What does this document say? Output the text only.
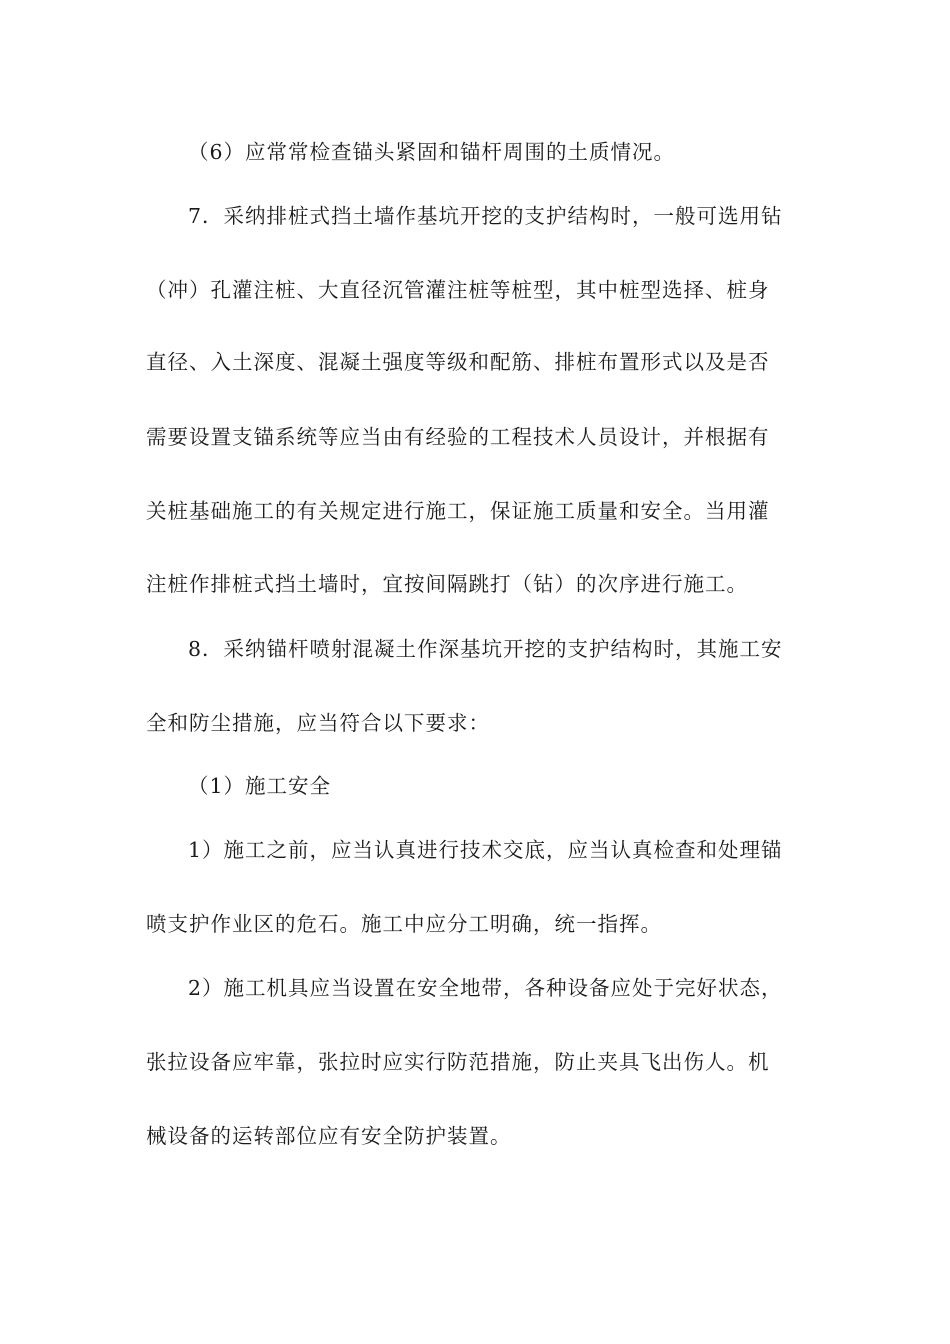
（6）应常常检查锚头紧固和锚杆周围的土质情况。
7．采纳排桩式挡土墙作基坑开挖的支护结构时，一般可选用钻
（冲）孔灌注桩、大直径沉管灌注桩等桩型，其中桩型选择、桩身
直径、入土深度、混凝土强度等级和配筋、排桩布置形式以及是否
需要设置支锚系统等应当由有经验的工程技术人员设计，并根据有
关桩基础施工的有关规定进行施工，保证施工质量和安全。当用灌
注桩作排桩式挡土墙时，宜按间隔跳打（钻）的次序进行施工。
8．采纳锚杆喷射混凝土作深基坑开挖的支护结构时，其施工安
全和防尘措施，应当符合以下要求：
（1）施工安全
1）施工之前，应当认真进行技术交底，应当认真检查和处理锚
喷支护作业区的危石。施工中应分工明确，统一指挥。
2）施工机具应当设置在安全地带，各种设备应处于完好状态，
张拉设备应牢靠，张拉时应实行防范措施，防止夹具飞出伤人。机
械设备的运转部位应有安全防护装置。
